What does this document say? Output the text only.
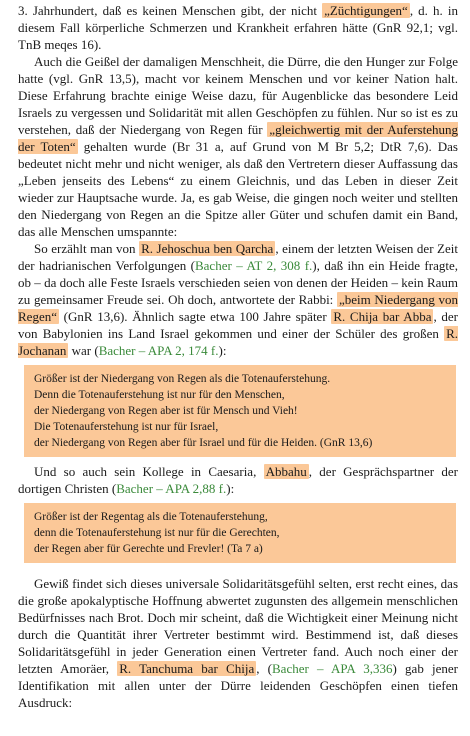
3. Jahrhundert, daß es keinen Menschen gibt, der nicht „Züchtigungen“ , d. h. in diesem Fall körperliche Schmerzen und Krankheit erfahren hätte (GnR 92,1; vgl. TnB meqes 16).

Auch die Geißel der damaligen Menschheit, die Dürre, die den Hunger zur Folge hatte (vgl. GnR 13,5), macht vor keinem Menschen und vor keiner Nation halt. Diese Erfahrung brachte einige Weise dazu, für Augenblicke das besondere Leid Israels zu vergessen und Solidarität mit allen Geschöpfen zu fühlen. Nur so ist es zu verstehen, daß der Niedergang von Regen für „gleichwertig mit der Auferstehung der Toten“ gehalten wurde (Br 31 a, auf Grund von M Br 5,2; DtR 7,6). Das bedeutet nicht mehr und nicht weniger, als daß den Vertretern dieser Auffassung das „Leben jenseits des Lebens“ zu einem Gleichnis, und das Leben in dieser Zeit wieder zur Hauptsache wurde. Ja, es gab Weise, die gingen noch weiter und stellten den Niedergang von Regen an die Spitze aller Güter und schufen damit ein Band, das alle Menschen umspannte:

So erzählt man von R. Jehoschua ben Qarcha , einem der letzten Weisen der Zeit der hadrianischen Verfolgungen (Bacher – AT 2, 308 f.), daß ihn ein Heide fragte, ob – da doch alle Feste Israels verschieden seien von denen der Heiden – kein Raum zu gemeinsamer Freude sei. Oh doch, antwortete der Rabbi: „beim Niedergang von Regen“ (GnR 13,6). Ähnlich sagte etwa 100 Jahre später R. Chija bar Abba , der von Babylonien ins Land Israel gekommen und einer der Schüler des großen R. Jochanan war (Bacher – APA 2, 174 f.):

Größer ist der Niedergang von Regen als die Totenauferstehung.
Denn die Totenauferstehung ist nur für den Menschen,
der Niedergang von Regen aber ist für Mensch und Vieh!
Die Totenauferstehung ist nur für Israel,
der Niedergang von Regen aber für Israel und für die Heiden. (GnR 13,6)

Und so auch sein Kollege in Caesaria, Abbahu , der Gesprächspartner der dortigen Christen (Bacher – APA 2,88 f.):

Größer ist der Regentag als die Totenauferstehung,
denn die Totenauferstehung ist nur für die Gerechten,
der Regen aber für Gerechte und Frevler! (Ta 7 a)

Gewiß findet sich dieses universale Solidaritätsgefühl selten, erst recht eines, das die große apokalyptische Hoffnung abwertet zugunsten des allgemein menschlichen Bedürfnisses nach Brot. Doch mir scheint, daß die Wichtigkeit einer Meinung nicht durch die Quantität ihrer Vertreter bestimmt wird. Bestimmend ist, daß dieses Solidaritätsgefühl in jeder Generation einen Vertreter fand. Auch noch einer der letzten Amoräer, R. Tanchuma bar Chija , (Bacher – APA 3,336) gab jener Identifikation mit allen unter der Dürre leidenden Geschöpfen einen tiefen Ausdruck:
